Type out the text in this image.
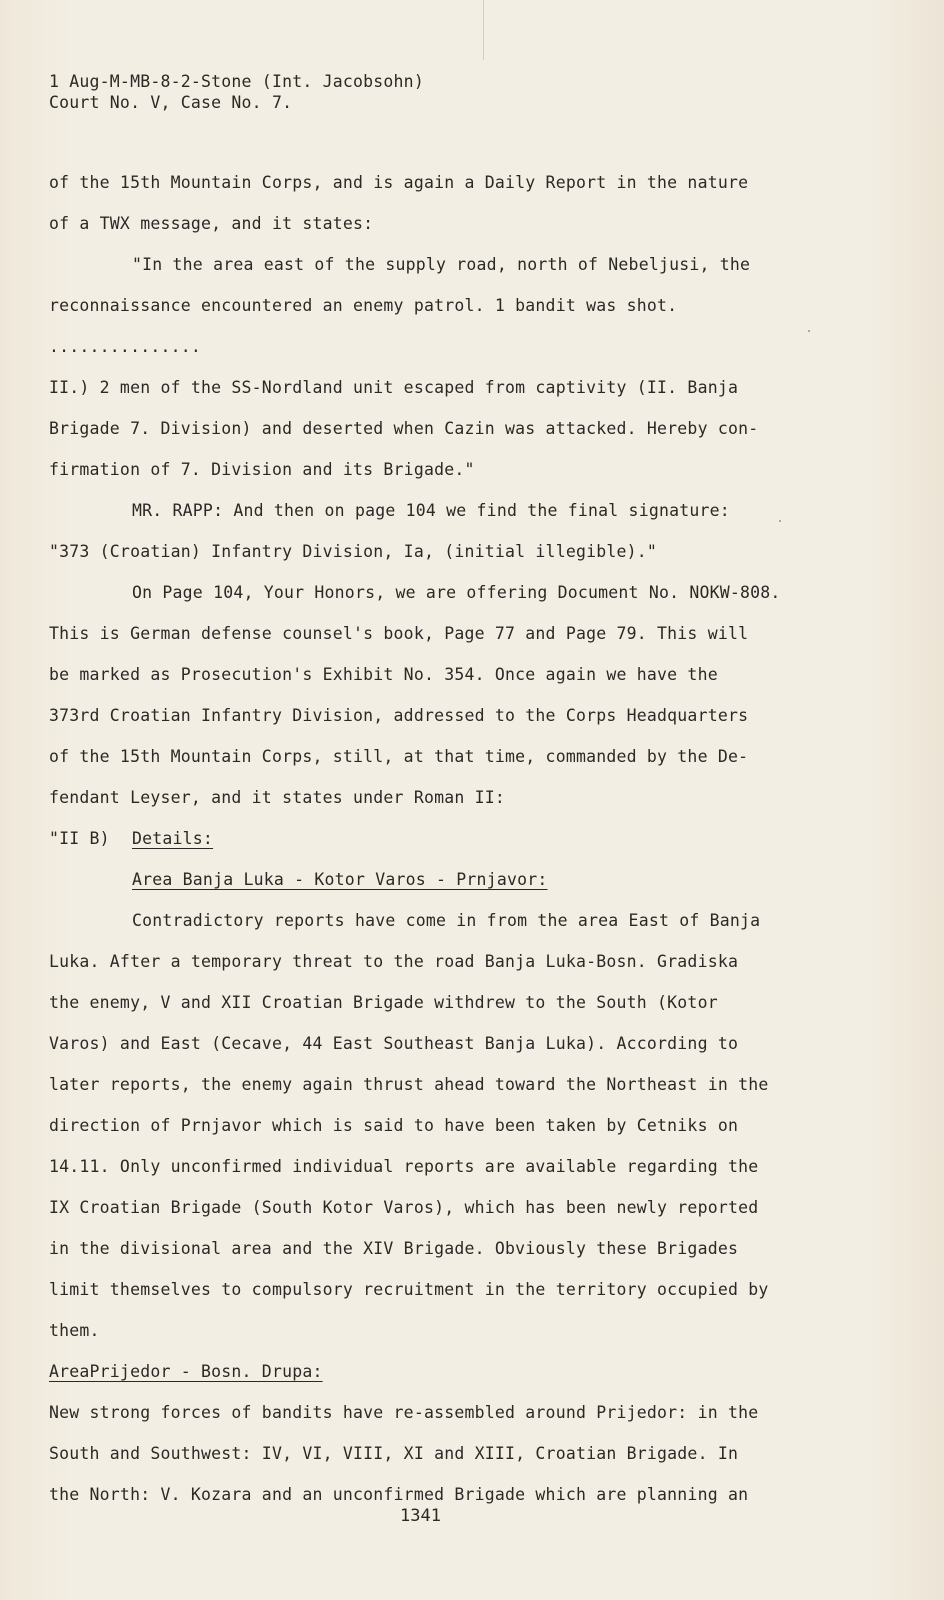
1 Aug-M-MB-8-2-Stone (Int. Jacobsohn)
Court No. V, Case No. 7.
of the 15th Mountain Corps, and is again a Daily Report in the nature
of a TWX message, and it states:
"In the area east of the supply road, north of Nebeljusi, the
reconnaissance encountered an enemy patrol. 1 bandit was shot.
...............
II.) 2 men of the SS-Nordland unit escaped from captivity (II. Banja
Brigade 7. Division) and deserted when Cazin was attacked. Hereby con-
firmation of 7. Division and its Brigade."
MR. RAPP: And then on page 104 we find the final signature:
"373 (Croatian) Infantry Division, Ia, (initial illegible)."
On Page 104, Your Honors, we are offering Document No. NOKW-808.
This is German defense counsel's book, Page 77 and Page 79. This will
be marked as Prosecution's Exhibit No. 354. Once again we have the
373rd Croatian Infantry Division, addressed to the Corps Headquarters
of the 15th Mountain Corps, still, at that time, commanded by the De-
fendant Leyser, and it states under Roman II:
"II B) Details:
Area Banja Luka - Kotor Varos - Prnjavor:
Contradictory reports have come in from the area East of Banja
Luka. After a temporary threat to the road Banja Luka-Bosn. Gradiska
the enemy, V and XII Croatian Brigade withdrew to the South (Kotor
Varos) and East (Cecave, 44 East Southeast Banja Luka). According to
later reports, the enemy again thrust ahead toward the Northeast in the
direction of Prnjavor which is said to have been taken by Cetniks on
14.11. Only unconfirmed individual reports are available regarding the
IX Croatian Brigade (South Kotor Varos), which has been newly reported
in the divisional area and the XIV Brigade. Obviously these Brigades
limit themselves to compulsory recruitment in the territory occupied by
them.
AreaPrijedor - Bosn. Drupa:
New strong forces of bandits have re-assembled around Prijedor: in the
South and Southwest: IV, VI, VIII, XI and XIII, Croatian Brigade. In
the North: V. Kozara and an unconfirmed Brigade which are planning an
1341
